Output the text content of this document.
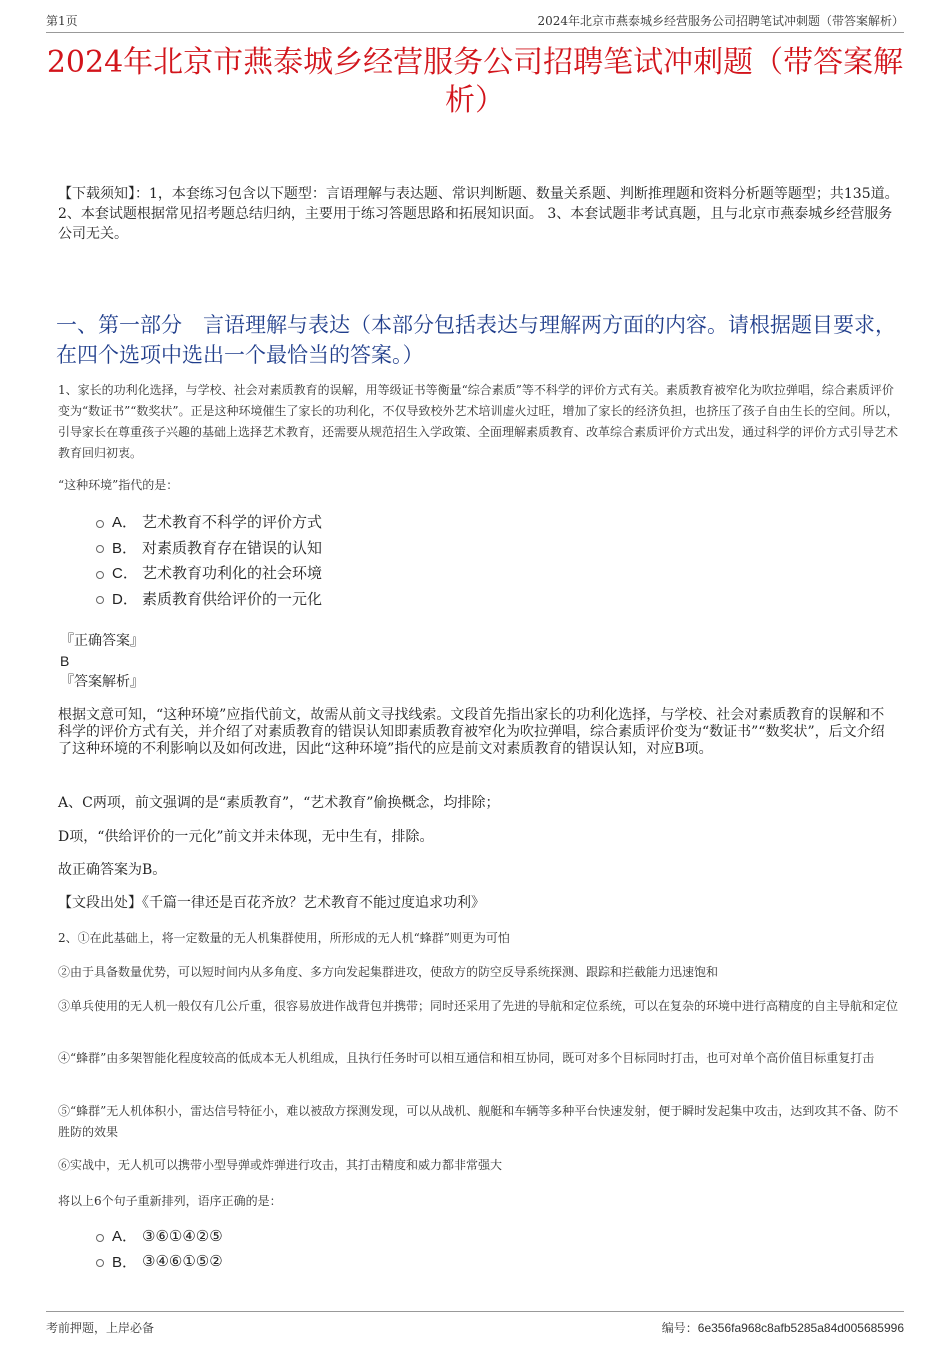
第1页	2024年北京市燕泰城乡经营服务公司招聘笔试冲刺题（带答案解析）
2024年北京市燕泰城乡经营服务公司招聘笔试冲刺题（带答案解析）
【下载须知】：1，本套练习包含以下题型：言语理解与表达题、常识判断题、数量关系题、判断推理题和资料分析题等题型；共135道。 2、本套试题根据常见招考题总结归纳，主要用于练习答题思路和拓展知识面。 3、本套试题非考试真题，且与北京市燕泰城乡经营服务公司无关。
一、第一部分　言语理解与表达（本部分包括表达与理解两方面的内容。请根据题目要求，在四个选项中选出一个最恰当的答案。）
1、家长的功利化选择，与学校、社会对素质教育的误解，用等级证书等衡量“综合素质”等不科学的评价方式有关。素质教育被窄化为吹拉弹唱，综合素质评价变为“数证书”“数奖状”。正是这种环境催生了家长的功利化，不仅导致校外艺术培训虚火过旺，增加了家长的经济负担，也挤压了孩子自由生长的空间。所以，引导家长在尊重孩子兴趣的基础上选择艺术教育，还需要从规范招生入学政策、全面理解素质教育、改革综合素质评价方式出发，通过科学的评价方式引导艺术教育回归初衷。
“这种环境”指代的是：
A． 艺术教育不科学的评价方式
B． 对素质教育存在错误的认知
C． 艺术教育功利化的社会环境
D． 素质教育供给评价的一元化
『正确答案』
B
『答案解析』
根据文意可知，“这种环境”应指代前文，故需从前文寻找线索。文段首先指出家长的功利化选择，与学校、社会对素质教育的误解和不科学的评价方式有关，并介绍了对素质教育的错误认知即素质教育被窄化为吹拉弹唱，综合素质评价变为“数证书”“数奖状”，后文介绍了这种环境的不利影响以及如何改进，因此“这种环境”指代的应是前文对素质教育的错误认知，对应B项。
A、C两项，前文强调的是“素质教育”，“艺术教育”偷换概念，均排除；
D项，“供给评价的一元化”前文并未体现，无中生有，排除。
故正确答案为B。
【文段出处】《千篇一律还是百花齐放？艺术教育不能过度追求功利》
2、①在此基础上，将一定数量的无人机集群使用，所形成的无人机“蜂群”则更为可怕
②由于具备数量优势，可以短时间内从多角度、多方向发起集群进攻，使敌方的防空反导系统探测、跟踪和拦截能力迅速饱和
③单兵使用的无人机一般仅有几公斤重，很容易放进作战背包并携带；同时还采用了先进的导航和定位系统，可以在复杂的环境中进行高精度的自主导航和定位
④“蜂群”由多架智能化程度较高的低成本无人机组成，且执行任务时可以相互通信和相互协同，既可对多个目标同时打击，也可对单个高价值目标重复打击
⑤“蜂群”无人机体积小，雷达信号特征小，难以被敌方探测发现，可以从战机、舰艇和车辆等多种平台快速发射，便于瞬时发起集中攻击，达到攻其不备、防不胜防的效果
⑥实战中，无人机可以携带小型导弹或炸弹进行攻击，其打击精度和威力都非常强大
将以上6个句子重新排列，语序正确的是：
A． ③⑥①④②⑤
B． ③④⑥①⑤②
考前押题，上岸必备	编号：6e356fa968c8afb5285a84d005685996
